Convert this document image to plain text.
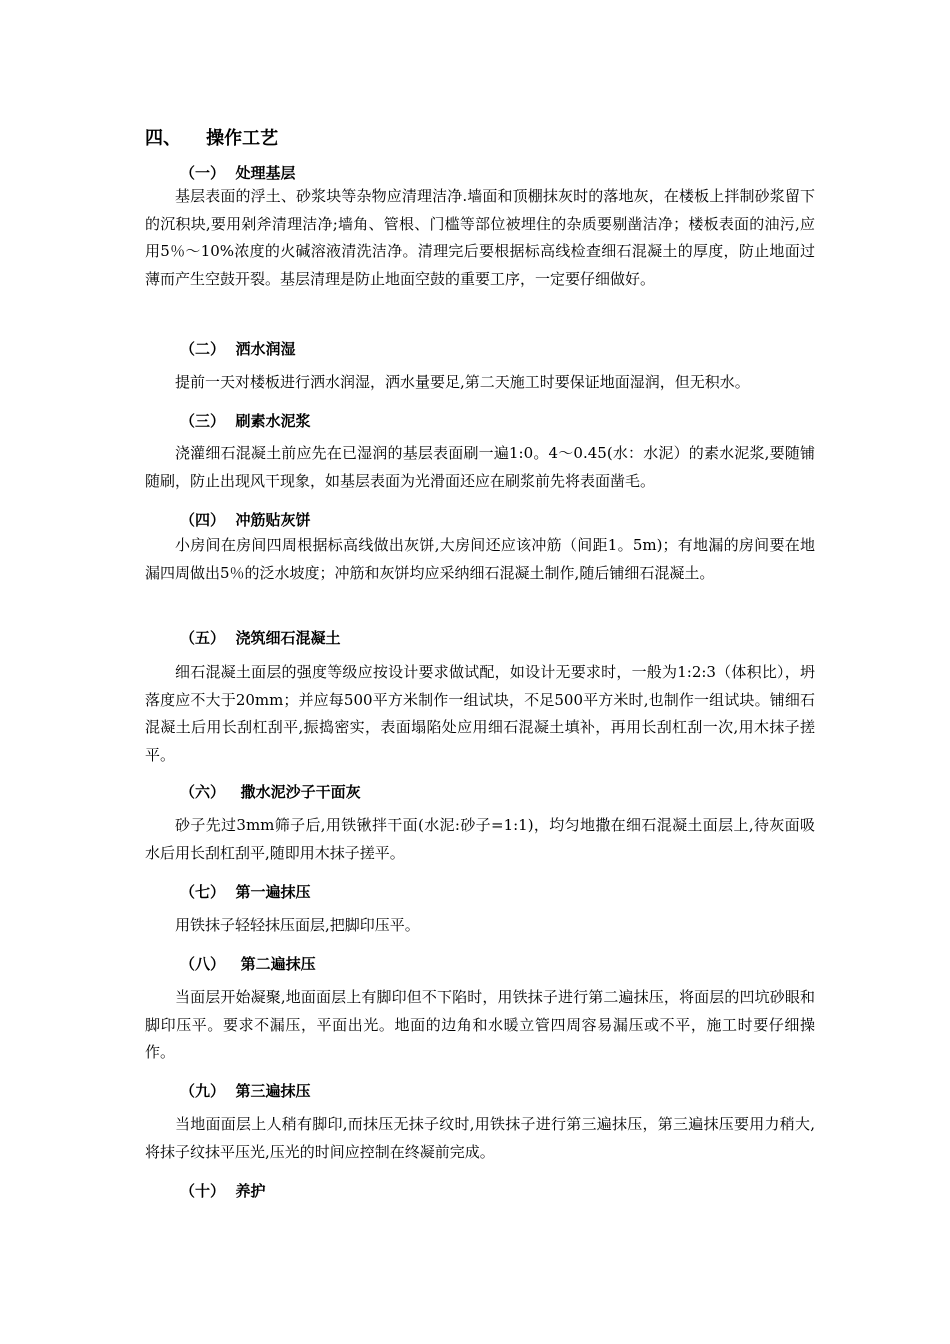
四、    操作工艺
（一）  处理基层
基层表面的浮土、砂浆块等杂物应清理洁净.墙面和顶棚抹灰时的落地灰，在楼板上拌制砂浆留下的沉积块,要用剁斧清理洁净;墙角、管根、门槛等部位被埋住的杂质要剔凿洁净；楼板表面的油污,应用5％～10%浓度的火碱溶液清洗洁净。清理完后要根据标高线检查细石混凝土的厚度，防止地面过薄而产生空鼓开裂。基层清理是防止地面空鼓的重要工序，一定要仔细做好。
（二）  洒水润湿
提前一天对楼板进行洒水润湿，洒水量要足,第二天施工时要保证地面湿润，但无积水。
（三）  刷素水泥浆
浇灌细石混凝土前应先在已湿润的基层表面刷一遍1:0。4～0.45(水：水泥）的素水泥浆,要随铺随刷，防止出现风干现象，如基层表面为光滑面还应在刷浆前先将表面凿毛。
（四）  冲筋贴灰饼
小房间在房间四周根据标高线做出灰饼,大房间还应该冲筋（间距1。5m)；有地漏的房间要在地漏四周做出5％的泛水坡度；冲筋和灰饼均应采纳细石混凝土制作,随后铺细石混凝土。
（五）  浇筑细石混凝土
细石混凝土面层的强度等级应按设计要求做试配，如设计无要求时，一般为1:2:3（体积比），坍落度应不大于20mm；并应每500平方米制作一组试块，不足500平方米时,也制作一组试块。铺细石混凝土后用长刮杠刮平,振捣密实，表面塌陷处应用细石混凝土填补，再用长刮杠刮一次,用木抹子搓平。
（六）   撒水泥沙子干面灰
砂子先过3mm筛子后,用铁锹拌干面(水泥:砂子=1:1)，均匀地撒在细石混凝土面层上,待灰面吸水后用长刮杠刮平,随即用木抹子搓平。
（七）  第一遍抹压
用铁抹子轻轻抹压面层,把脚印压平。
（八）   第二遍抹压
当面层开始凝聚,地面面层上有脚印但不下陷时，用铁抹子进行第二遍抹压，将面层的凹坑砂眼和脚印压平。要求不漏压，平面出光。地面的边角和水暖立管四周容易漏压或不平，施工时要仔细操作。
（九）  第三遍抹压
当地面面层上人稍有脚印,而抹压无抹子纹时,用铁抹子进行第三遍抹压，第三遍抹压要用力稍大,将抹子纹抹平压光,压光的时间应控制在终凝前完成。
（十）  养护
